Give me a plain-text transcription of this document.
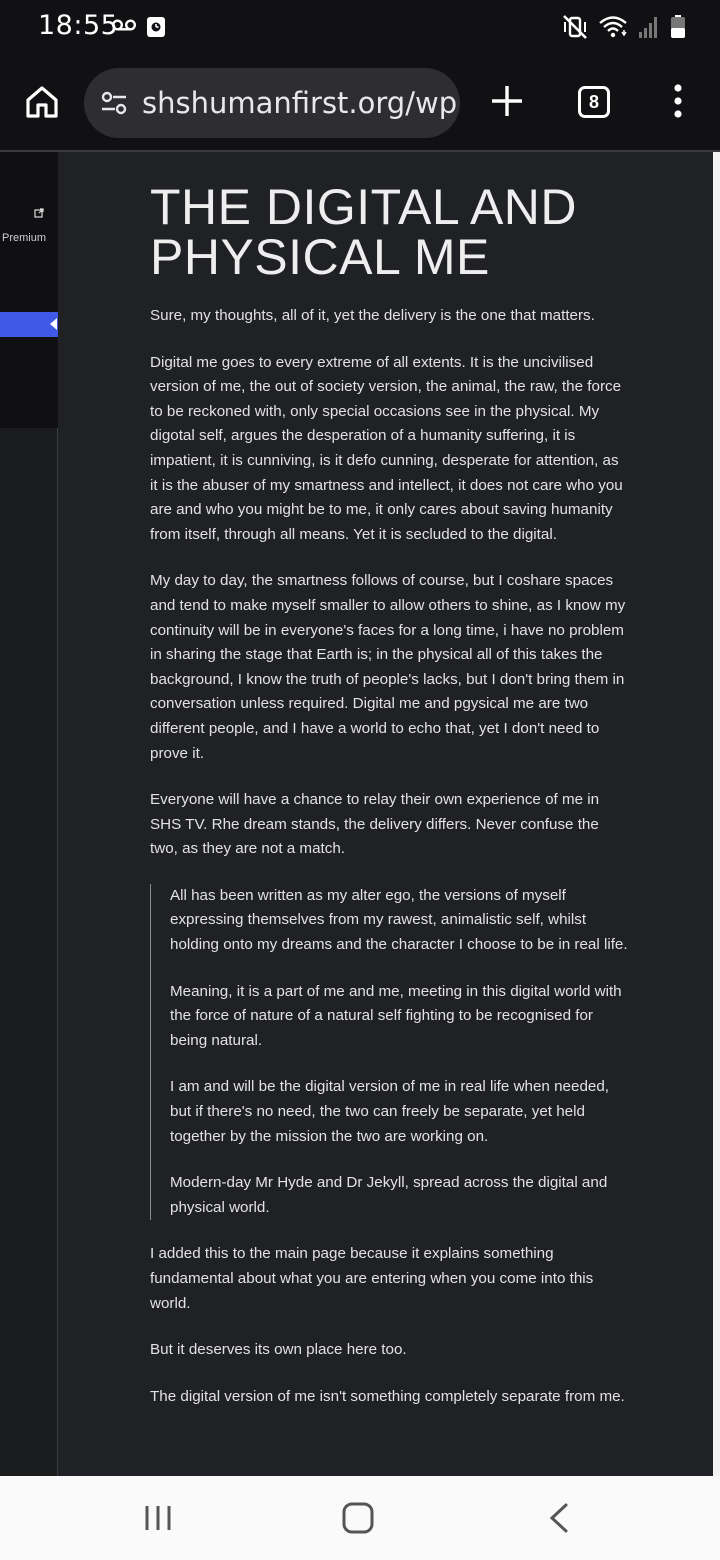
18:55
shshumanfirst.org/wp	8
Premium
THE DIGITAL AND PHYSICAL ME

Sure, my thoughts, all of it, yet the delivery is the one that matters.

Digital me goes to every extreme of all extents. It is the uncivilised version of me, the out of society version, the animal, the raw, the force to be reckoned with, only special occasions see in the physical. My digotal self, argues the desperation of a humanity suffering, it is impatient, it is cunniving, is it defo cunning, desperate for attention, as it is the abuser of my smartness and intellect, it does not care who you are and who you might be to me, it only cares about saving humanity from itself, through all means. Yet it is secluded to the digital.

My day to day, the smartness follows of course, but I coshare spaces and tend to make myself smaller to allow others to shine, as I know my continuity will be in everyone's faces for a long time, i have no problem in sharing the stage that Earth is; in the physical all of this takes the background, I know the truth of people's lacks, but I don't bring them in conversation unless required. Digital me and pgysical me are two different people, and I have a world to echo that, yet I don't need to prove it.

Everyone will have a chance to relay their own experience of me in SHS TV. Rhe dream stands, the delivery differs. Never confuse the two, as they are not a match.

All has been written as my alter ego, the versions of myself expressing themselves from my rawest, animalistic self, whilst holding onto my dreams and the character I choose to be in real life.

Meaning, it is a part of me and me, meeting in this digital world with the force of nature of a natural self fighting to be recognised for being natural.

I am and will be the digital version of me in real life when needed, but if there's no need, the two can freely be separate, yet held together by the mission the two are working on.

Modern-day Mr Hyde and Dr Jekyll, spread across the digital and physical world.

I added this to the main page because it explains something fundamental about what you are entering when you come into this world.

But it deserves its own place here too.

The digital version of me isn't something completely separate from me.
